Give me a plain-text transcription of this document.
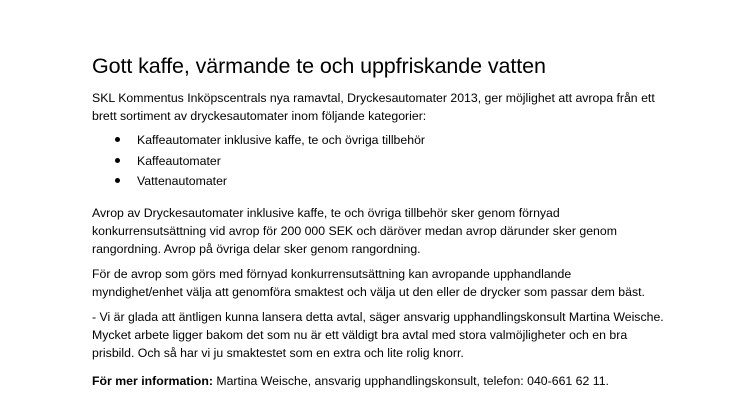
Gott kaffe, värmande te och uppfriskande vatten

SKL Kommentus Inköpscentrals nya ramavtal, Dryckesautomater 2013, ger möjlighet att avropa från ett
brett sortiment av dryckesautomater inom följande kategorier:

Kaffeautomater inklusive kaffe, te och övriga tillbehör
Kaffeautomater
Vattenautomater

Avrop av Dryckesautomater inklusive kaffe, te och övriga tillbehör sker genom förnyad
konkurrensutsättning vid avrop för 200 000 SEK och däröver medan avrop därunder sker genom
rangordning. Avrop på övriga delar sker genom rangordning.

För de avrop som görs med förnyad konkurrensutsättning kan avropande upphandlande
myndighet/enhet välja att genomföra smaktest och välja ut den eller de drycker som passar dem bäst.

- Vi är glada att äntligen kunna lansera detta avtal, säger ansvarig upphandlingskonsult Martina Weische.
Mycket arbete ligger bakom det som nu är ett väldigt bra avtal med stora valmöjligheter och en bra
prisbild. Och så har vi ju smaktestet som en extra och lite rolig knorr.

För mer information: Martina Weische, ansvarig upphandlingskonsult, telefon: 040-661 62 11.
